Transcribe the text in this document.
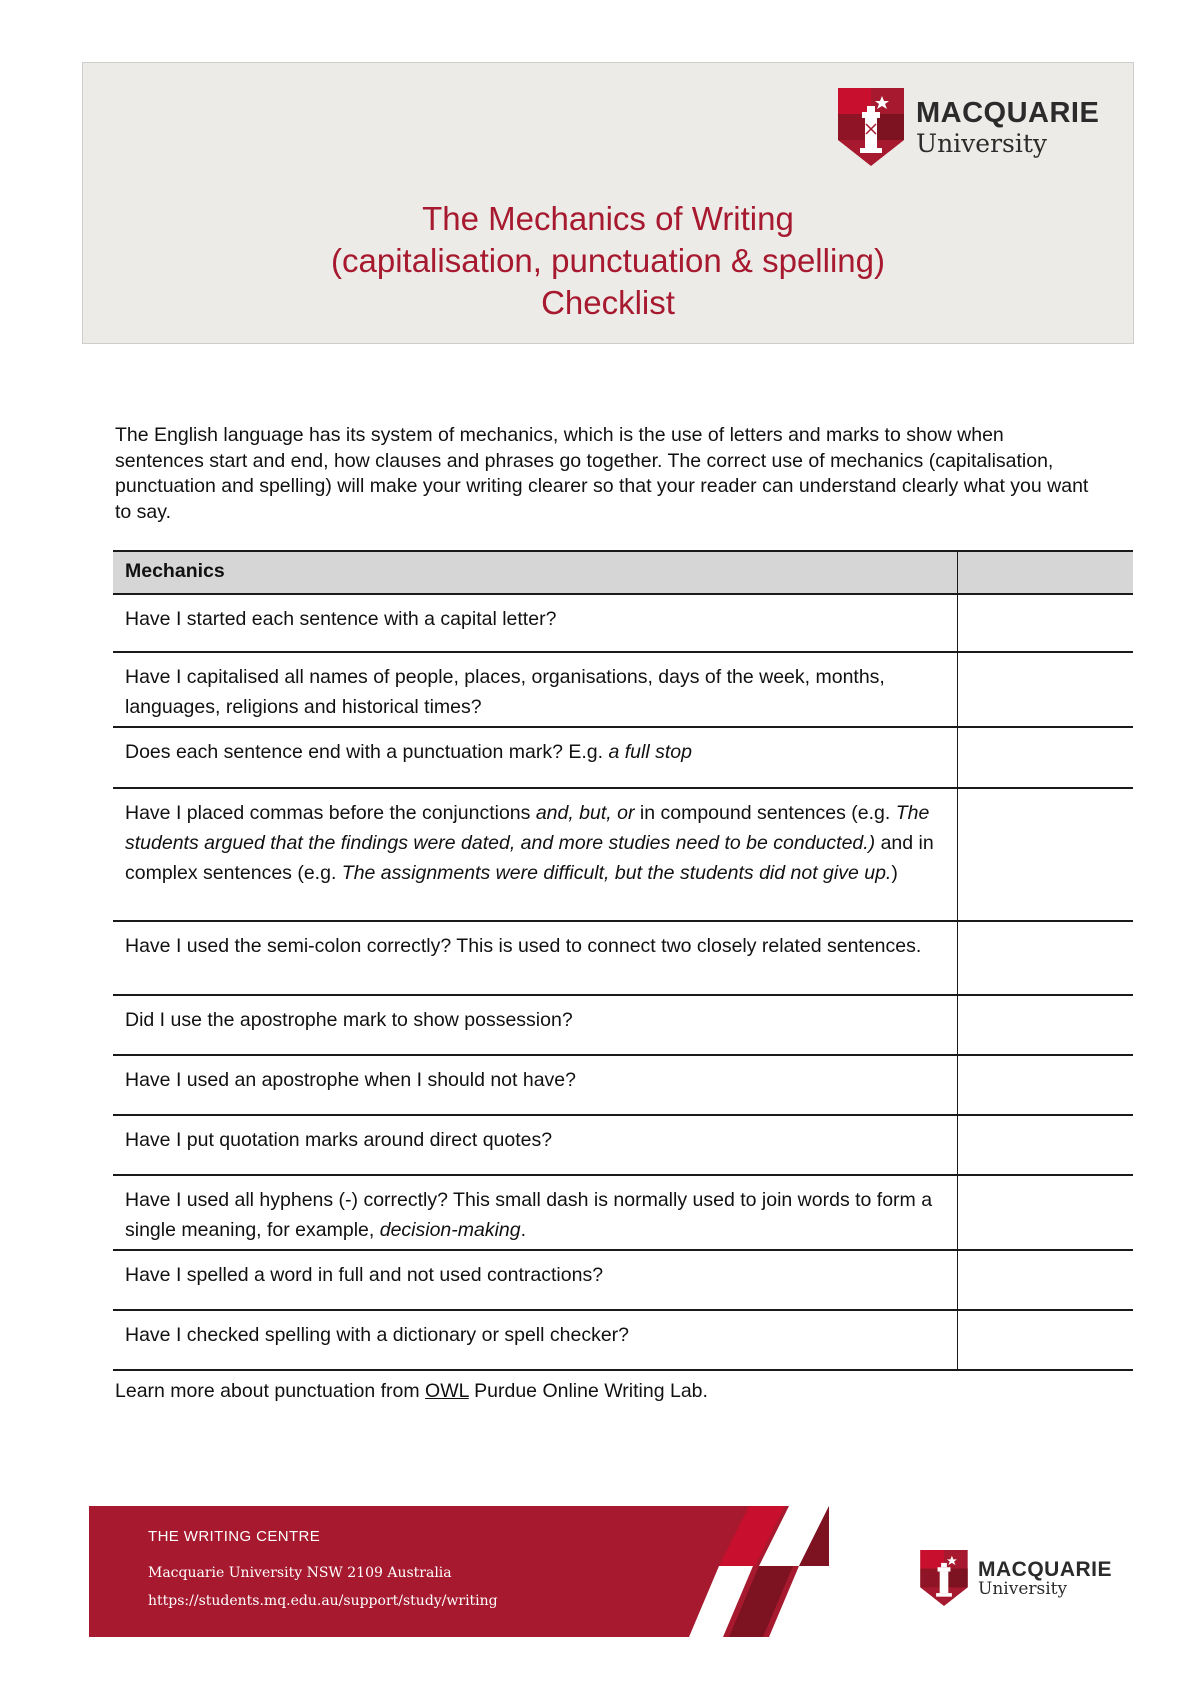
MACQUARIE
University
The Mechanics of Writing
(capitalisation, punctuation & spelling)
Checklist

The English language has its system of mechanics, which is the use of letters and marks to show when sentences start and end, how clauses and phrases go together. The correct use of mechanics (capitalisation, punctuation and spelling) will make your writing clearer so that your reader can understand clearly what you want to say.

Mechanics	
Have I started each sentence with a capital letter?	

Have I capitalised all names of people, places, organisations, days of the week, months, languages, religions and historical times?	

Does each sentence end with a punctuation mark? E.g. a full stop	

Have I placed commas before the conjunctions and, but, or in compound sentences (e.g. The students argued that the findings were dated, and more studies need to be conducted.) and in complex sentences (e.g. The assignments were difficult, but the students did not give up.)	

Have I used the semi-colon correctly? This is used to connect two closely related sentences.	

Did I use the apostrophe mark to show possession?	

Have I used an apostrophe when I should not have?	

Have I put quotation marks around direct quotes?	

Have I used all hyphens (-) correctly? This small dash is normally used to join words to form a single meaning, for example, decision-making.	

Have I spelled a word in full and not used contractions?	

Have I checked spelling with a dictionary or spell checker?	

Learn more about punctuation from OWL Purdue Online Writing Lab.

THE WRITING CENTRE
Macquarie University NSW 2109 Australia
https://students.mq.edu.au/support/study/writing
MACQUARIE
University
